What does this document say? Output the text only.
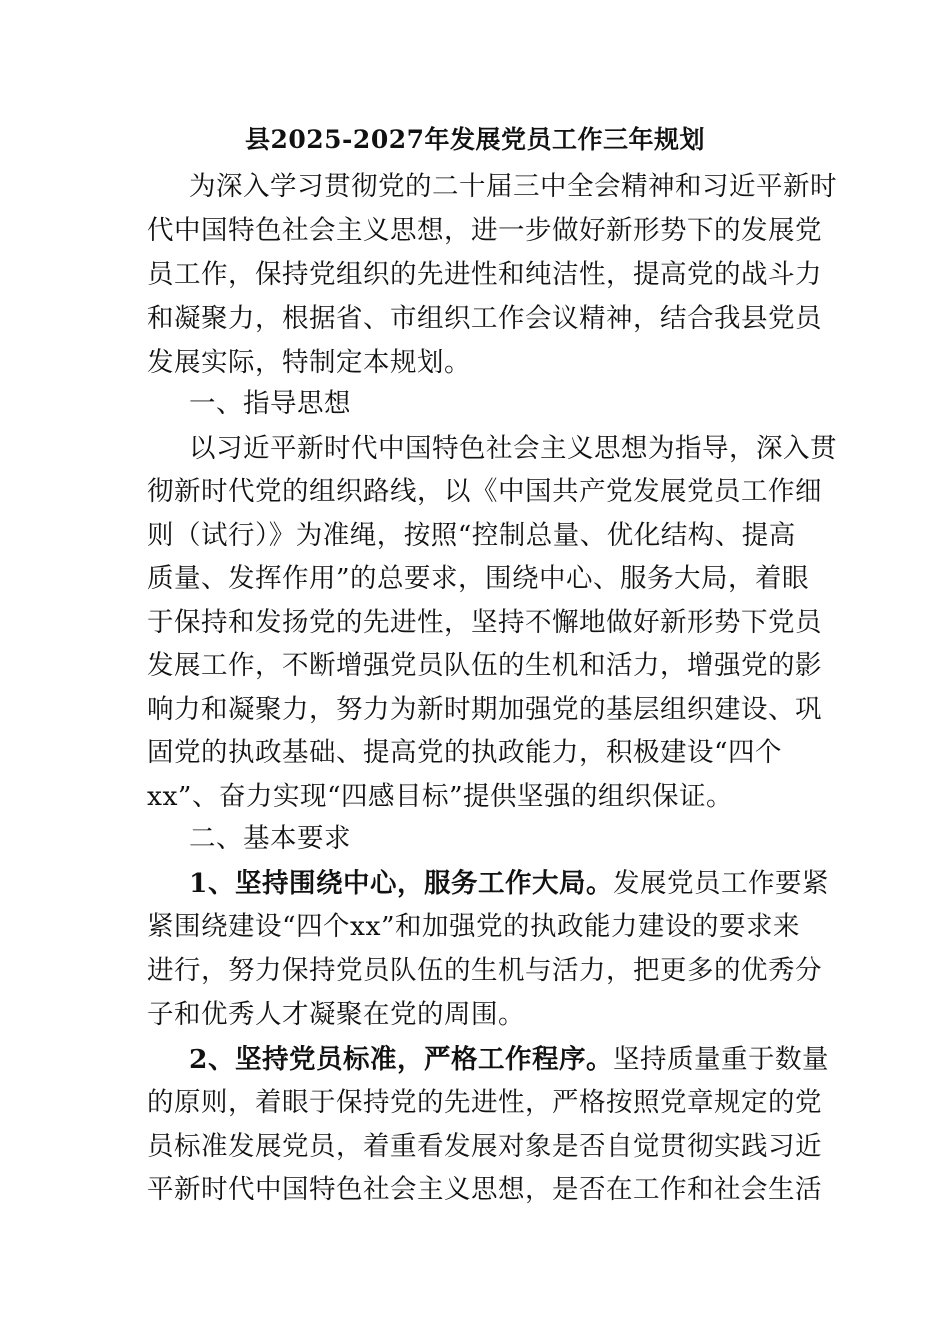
县2025-2027年发展党员工作三年规划

为深入学习贯彻党的二十届三中全会精神和习近平新时

代中国特色社会主义思想，进一步做好新形势下的发展党

员工作，保持党组织的先进性和纯洁性，提高党的战斗力

和凝聚力，根据省、市组织工作会议精神，结合我县党员

发展实际，特制定本规划。

一、指导思想

以习近平新时代中国特色社会主义思想为指导，深入贯

彻新时代党的组织路线，以《中国共产党发展党员工作细

则（试行）》为准绳，按照“控制总量、优化结构、提高

质量、发挥作用”的总要求，围绕中心、服务大局，着眼

于保持和发扬党的先进性，坚持不懈地做好新形势下党员

发展工作，不断增强党员队伍的生机和活力，增强党的影

响力和凝聚力，努力为新时期加强党的基层组织建设、巩

固党的执政基础、提高党的执政能力，积极建设“四个

xx”、奋力实现“四感目标”提供坚强的组织保证。

二、基本要求

1、坚持围绕中心，服务工作大局。发展党员工作要紧

紧围绕建设“四个xx”和加强党的执政能力建设的要求来

进行，努力保持党员队伍的生机与活力，把更多的优秀分

子和优秀人才凝聚在党的周围。

2、坚持党员标准，严格工作程序。坚持质量重于数量

的原则，着眼于保持党的先进性，严格按照党章规定的党

员标准发展党员，着重看发展对象是否自觉贯彻实践习近

平新时代中国特色社会主义思想，是否在工作和社会生活
